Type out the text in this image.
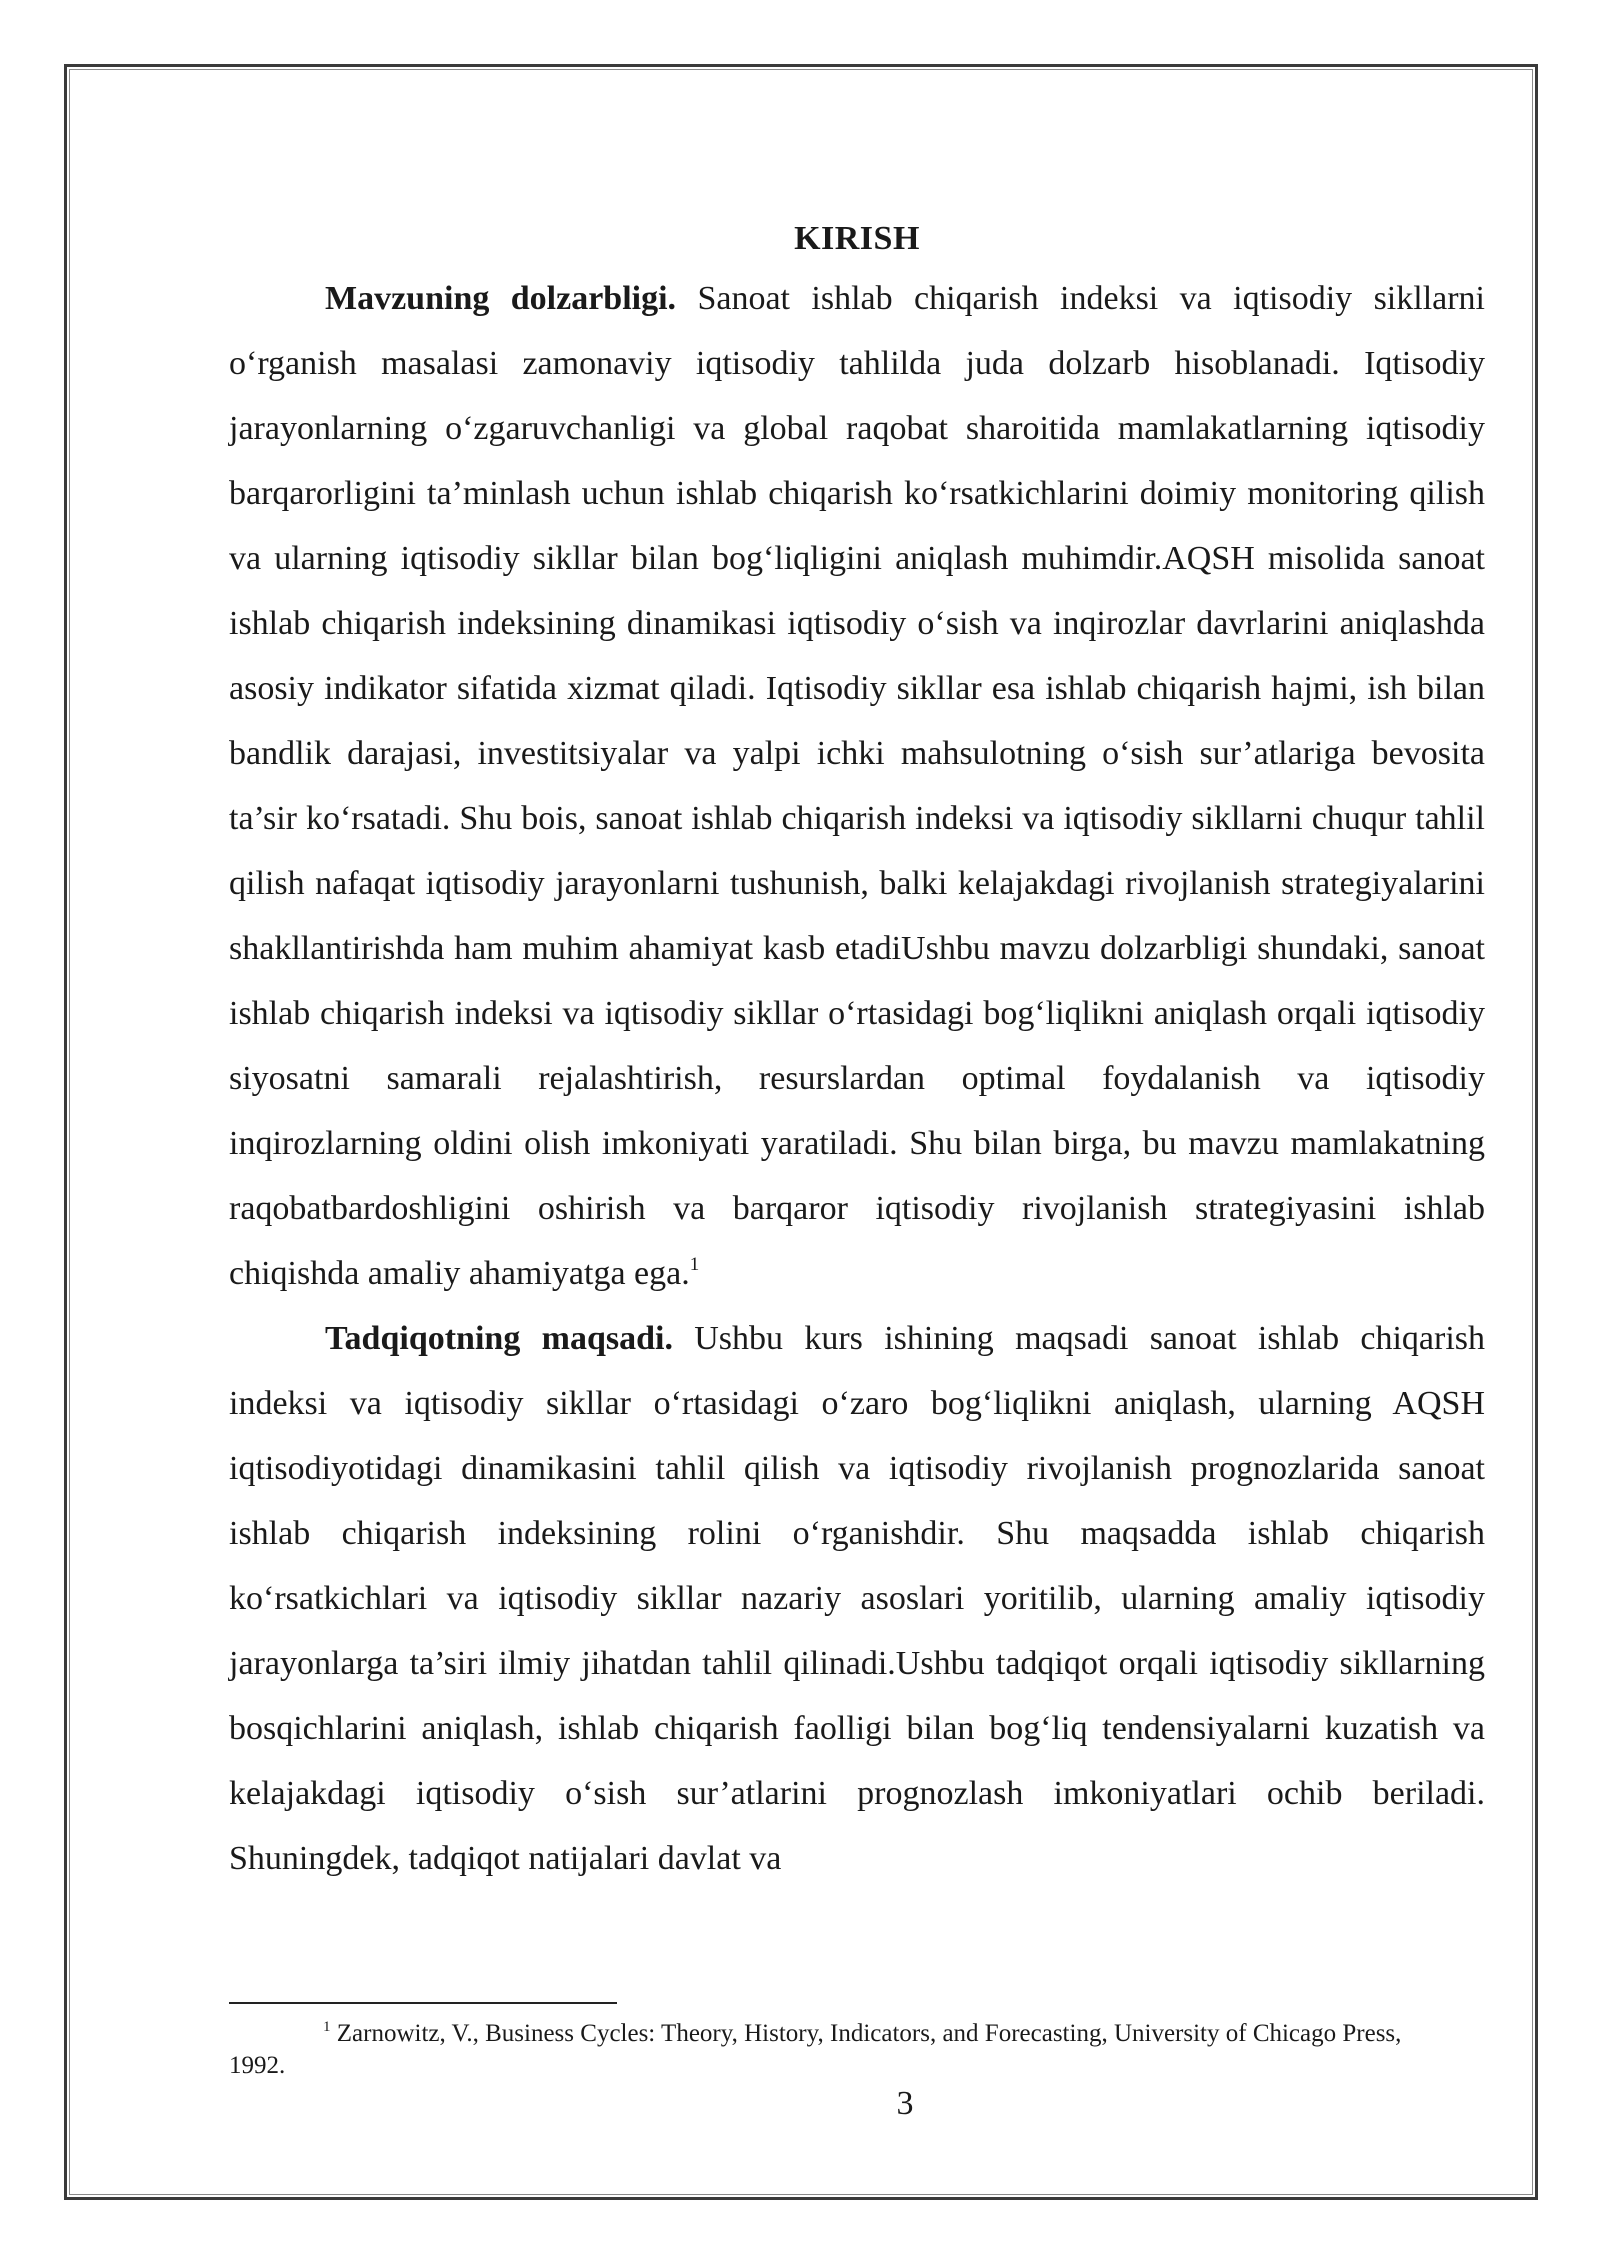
KIRISH

Mavzuning dolzarbligi. Sanoat ishlab chiqarish indeksi va iqtisodiy sikllarni o‘rganish masalasi zamonaviy iqtisodiy tahlilda juda dolzarb hisoblanadi. Iqtisodiy jarayonlarning o‘zgaruvchanligi va global raqobat sharoitida mamlakatlarning iqtisodiy barqarorligini ta’minlash uchun ishlab chiqarish ko‘rsatkichlarini doimiy monitoring qilish va ularning iqtisodiy sikllar bilan bog‘liqligini aniqlash muhimdir.AQSH misolida sanoat ishlab chiqarish indeksining dinamikasi iqtisodiy o‘sish va inqirozlar davrlarini aniqlashda asosiy indikator sifatida xizmat qiladi. Iqtisodiy sikllar esa ishlab chiqarish hajmi, ish bilan bandlik darajasi, investitsiyalar va yalpi ichki mahsulotning o‘sish sur’atlariga bevosita ta’sir ko‘rsatadi. Shu bois, sanoat ishlab chiqarish indeksi va iqtisodiy sikllarni chuqur tahlil qilish nafaqat iqtisodiy jarayonlarni tushunish, balki kelajakdagi rivojlanish strategiyalarini shakllantirishda ham muhim ahamiyat kasb etadiUshbu mavzu dolzarbligi shundaki, sanoat ishlab chiqarish indeksi va iqtisodiy sikllar o‘rtasidagi bog‘liqlikni aniqlash orqali iqtisodiy siyosatni samarali rejalashtirish, resurslardan optimal foydalanish va iqtisodiy inqirozlarning oldini olish imkoniyati yaratiladi. Shu bilan birga, bu mavzu mamlakatning raqobatbardoshligini oshirish va barqaror iqtisodiy rivojlanish strategiyasini ishlab chiqishda amaliy ahamiyatga ega.$^1$

Tadqiqotning maqsadi. Ushbu kurs ishining maqsadi sanoat ishlab chiqarish indeksi va iqtisodiy sikllar o‘rtasidagi o‘zaro bog‘liqlikni aniqlash, ularning AQSH iqtisodiyotidagi dinamikasini tahlil qilish va iqtisodiy rivojlanish prognozlarida sanoat ishlab chiqarish indeksining rolini o‘rganishdir. Shu maqsadda ishlab chiqarish ko‘rsatkichlari va iqtisodiy sikllar nazariy asoslari yoritilib, ularning amaliy iqtisodiy jarayonlarga ta’siri ilmiy jihatdan tahlil qilinadi.Ushbu tadqiqot orqali iqtisodiy sikllarning bosqichlarini aniqlash, ishlab chiqarish faolligi bilan bog‘liq tendensiyalarni kuzatish va kelajakdagi iqtisodiy o‘sish sur’atlarini prognozlash imkoniyatlari ochib beriladi. Shuningdek, tadqiqot natijalari davlat va

$^1$ Zarnowitz, V., Business Cycles: Theory, History, Indicators, and Forecasting, University of Chicago Press, 1992.

3
